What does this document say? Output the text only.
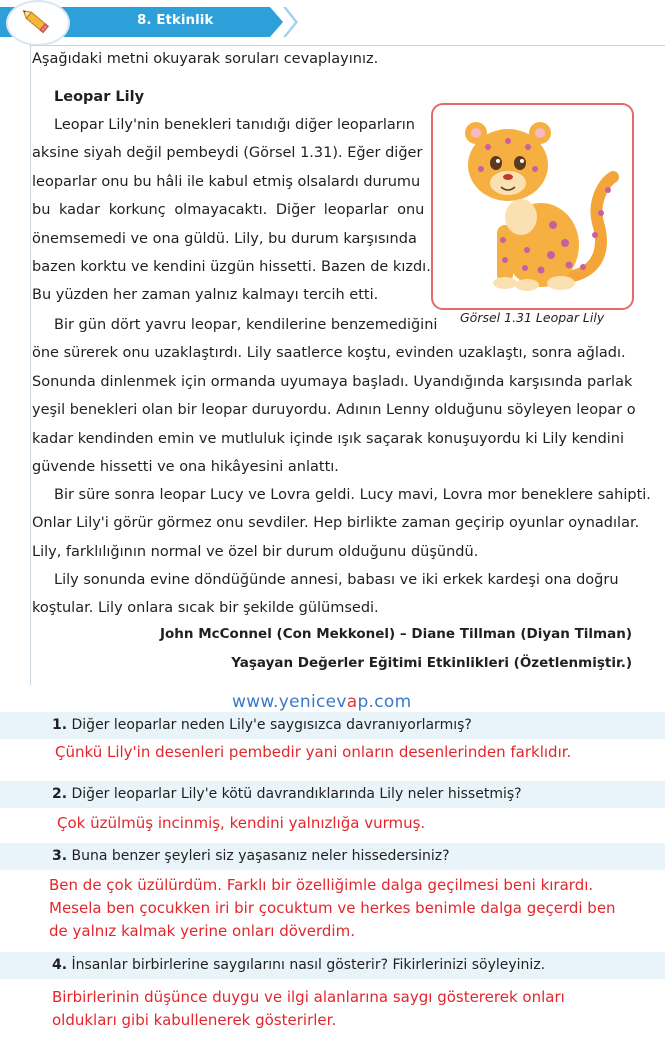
8. Etkinlik
Aşağıdaki metni okuyarak soruları cevaplayınız.
Leopar Lily
Leopar Lily'nin benekleri tanıdığı diğer leoparların
aksine siyah değil pembeydi (Görsel 1.31). Eğer diğer
leoparlar onu bu hâli ile kabul etmiş olsalardı durumu
bu kadar korkunç olmayacaktı. Diğer leoparlar onu
önemsemedi ve ona güldü. Lily, bu durum karşısında
bazen korktu ve kendini üzgün hissetti. Bazen de kızdı.
Bu yüzden her zaman yalnız kalmayı tercih etti.
Görsel 1.31 Leopar Lily
Bir gün dört yavru leopar, kendilerine benzemediğini
öne sürerek onu uzaklaştırdı. Lily saatlerce koştu, evinden uzaklaştı, sonra ağladı.
Sonunda dinlenmek için ormanda uyumaya başladı. Uyandığında karşısında parlak
yeşil benekleri olan bir leopar duruyordu. Adının Lenny olduğunu söyleyen leopar o
kadar kendinden emin ve mutluluk içinde ışık saçarak konuşuyordu ki Lily kendini
güvende hissetti ve ona hikâyesini anlattı.
Bir süre sonra leopar Lucy ve Lovra geldi. Lucy mavi, Lovra mor beneklere sahipti.
Onlar Lily'i görür görmez onu sevdiler. Hep birlikte zaman geçirip oyunlar oynadılar.
Lily, farklılığının normal ve özel bir durum olduğunu düşündü.
Lily sonunda evine döndüğünde annesi, babası ve iki erkek kardeşi ona doğru
koştular. Lily onlara sıcak bir şekilde gülümsedi.
John McConnel (Con Mekkonel) – Diane Tillman (Diyan Tilman)
Yaşayan Değerler Eğitimi Etkinlikleri (Özetlenmiştir.)
www.yenicevap.com
1. Diğer leoparlar neden Lily'e saygısızca davranıyorlarmış?
Çünkü Lily'in desenleri pembedir yani onların desenlerinden farklıdır.
2. Diğer leoparlar Lily'e kötü davrandıklarında Lily neler hissetmiş?
Çok üzülmüş incinmiş, kendini yalnızlığa vurmuş.
3. Buna benzer şeyleri siz yaşasanız neler hissedersiniz?
Ben de çok üzülürdüm. Farklı bir özelliğimle dalga geçilmesi beni kırardı.
Mesela ben çocukken iri bir çocuktum ve herkes benimle dalga geçerdi ben
de yalnız kalmak yerine onları döverdim.
4. İnsanlar birbirlerine saygılarını nasıl gösterir? Fikirlerinizi söyleyiniz.
Birbirlerinin düşünce duygu ve ilgi alanlarına saygı göstererek onları
oldukları gibi kabullenerek gösterirler.
